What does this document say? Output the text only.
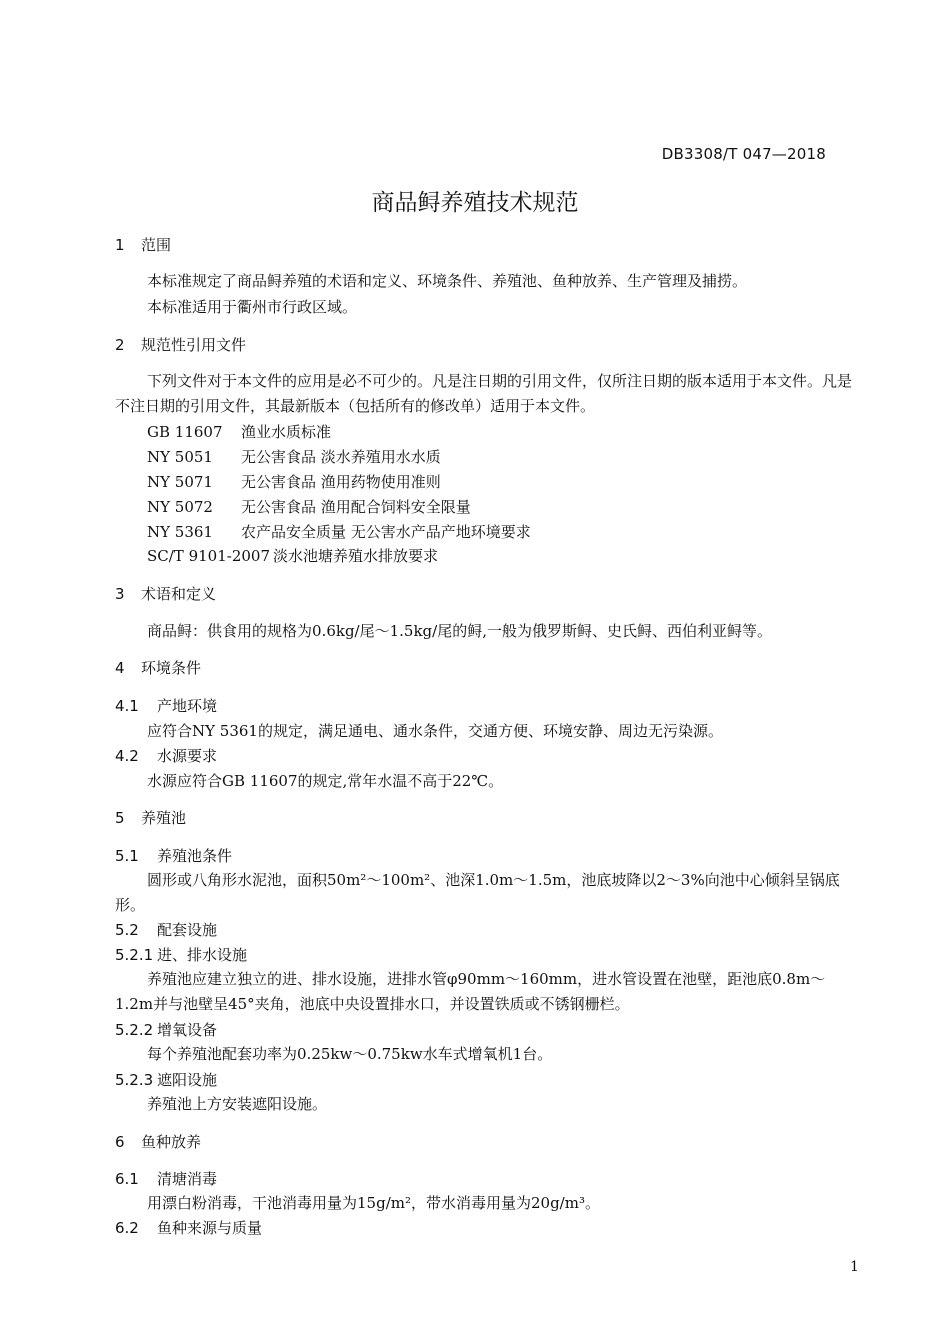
DB3308/T 047—2018
商品鲟养殖技术规范
1 范围
本标准规定了商品鲟养殖的术语和定义、环境条件、养殖池、鱼种放养、生产管理及捕捞。
本标准适用于衢州市行政区域。
2 规范性引用文件
下列文件对于本文件的应用是必不可少的。凡是注日期的引用文件，仅所注日期的版本适用于本文件。凡是不注日期的引用文件，其最新版本（包括所有的修改单）适用于本文件。
GB 11607 渔业水质标准
NY 5051 无公害食品 淡水养殖用水水质
NY 5071 无公害食品 渔用药物使用准则
NY 5072 无公害食品 渔用配合饲料安全限量
NY 5361 农产品安全质量 无公害水产品产地环境要求
SC/T 9101-2007 淡水池塘养殖水排放要求
3 术语和定义
商品鲟：供食用的规格为0.6kg/尾～1.5kg/尾的鲟,一般为俄罗斯鲟、史氏鲟、西伯利亚鲟等。
4 环境条件
4.1 产地环境
应符合NY 5361的规定，满足通电、通水条件，交通方便、环境安静、周边无污染源。
4.2 水源要求
水源应符合GB 11607的规定,常年水温不高于22℃。
5 养殖池
5.1 养殖池条件
圆形或八角形水泥池，面积50m²～100m²、池深1.0m～1.5m，池底坡降以2～3%向池中心倾斜呈锅底形。
5.2 配套设施
5.2.1 进、排水设施
养殖池应建立独立的进、排水设施，进排水管φ90mm～160mm，进水管设置在池壁，距池底0.8m～1.2m并与池壁呈45°夹角，池底中央设置排水口，并设置铁质或不锈钢栅栏。
5.2.2 增氧设备
每个养殖池配套功率为0.25kw～0.75kw水车式增氧机1台。
5.2.3 遮阳设施
养殖池上方安装遮阳设施。
6 鱼种放养
6.1 清塘消毒
用漂白粉消毒，干池消毒用量为15g/m²，带水消毒用量为20g/m³。
6.2 鱼种来源与质量
1
